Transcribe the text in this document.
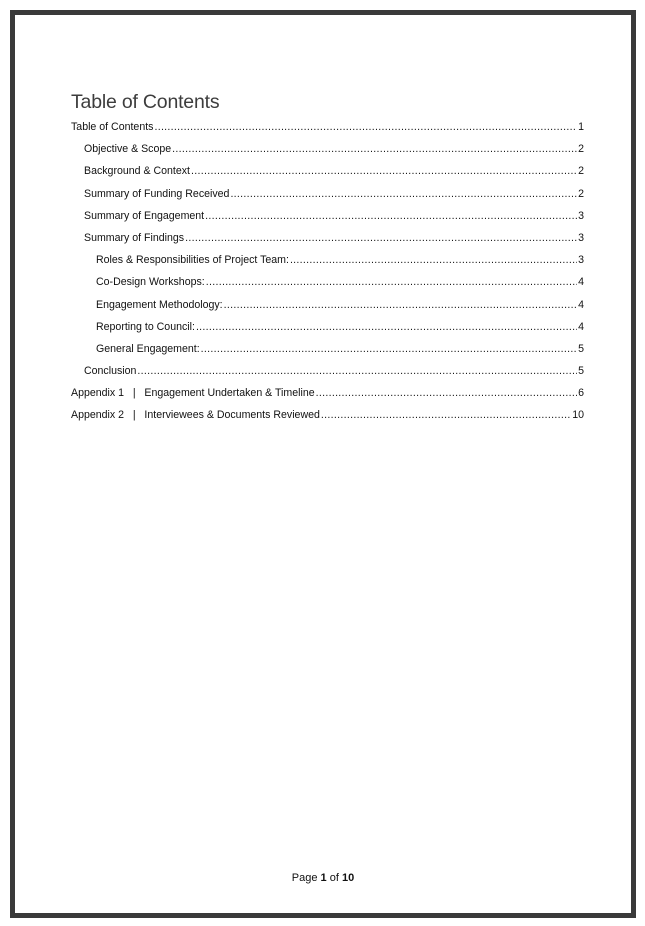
Table of Contents
Table of Contents .....	1
Objective & Scope .....	2
Background & Context .....	2
Summary of Funding Received .....	2
Summary of Engagement .....	3
Summary of Findings .....	3
Roles & Responsibilities of Project Team: .....	3
Co-Design Workshops: .....	4
Engagement Methodology: .....	4
Reporting to Council: .....	4
General Engagement: .....	5
Conclusion .....	5
Appendix 1   |   Engagement Undertaken & Timeline .....	6
Appendix 2   |   Interviewees & Documents Reviewed .....	10
Page 1 of 10
